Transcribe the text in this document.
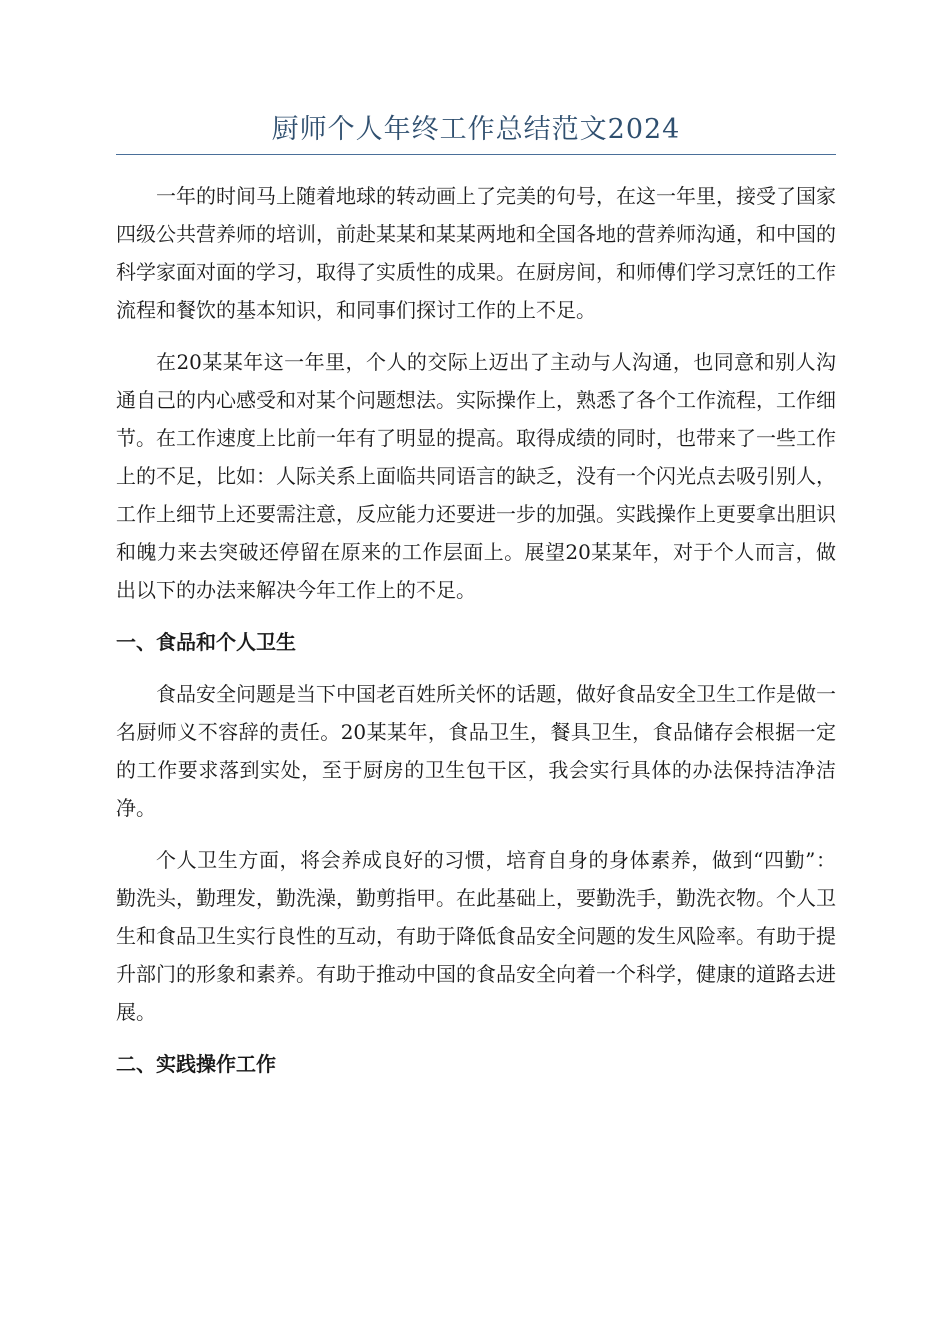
厨师个人年终工作总结范文2024

一年的时间马上随着地球的转动画上了完美的句号，在这一年里，接受了国家四级公共营养师的培训，前赴某某和某某两地和全国各地的营养师沟通，和中国的科学家面对面的学习，取得了实质性的成果。在厨房间，和师傅们学习烹饪的工作流程和餐饮的基本知识，和同事们探讨工作的上不足。

在20某某年这一年里，个人的交际上迈出了主动与人沟通，也同意和别人沟通自己的内心感受和对某个问题想法。实际操作上，熟悉了各个工作流程，工作细节。在工作速度上比前一年有了明显的提高。取得成绩的同时，也带来了一些工作上的不足，比如：人际关系上面临共同语言的缺乏，没有一个闪光点去吸引别人，工作上细节上还要需注意，反应能力还要进一步的加强。实践操作上更要拿出胆识和魄力来去突破还停留在原来的工作层面上。展望20某某年，对于个人而言，做出以下的办法来解决今年工作上的不足。

一、食品和个人卫生

食品安全问题是当下中国老百姓所关怀的话题，做好食品安全卫生工作是做一名厨师义不容辞的责任。20某某年，食品卫生，餐具卫生，食品储存会根据一定的工作要求落到实处，至于厨房的卫生包干区，我会实行具体的办法保持洁净洁净。

个人卫生方面，将会养成良好的习惯，培育自身的身体素养，做到“四勤”：勤洗头，勤理发，勤洗澡，勤剪指甲。在此基础上，要勤洗手，勤洗衣物。个人卫生和食品卫生实行良性的互动，有助于降低食品安全问题的发生风险率。有助于提升部门的形象和素养。有助于推动中国的食品安全向着一个科学，健康的道路去进展。

二、实践操作工作
